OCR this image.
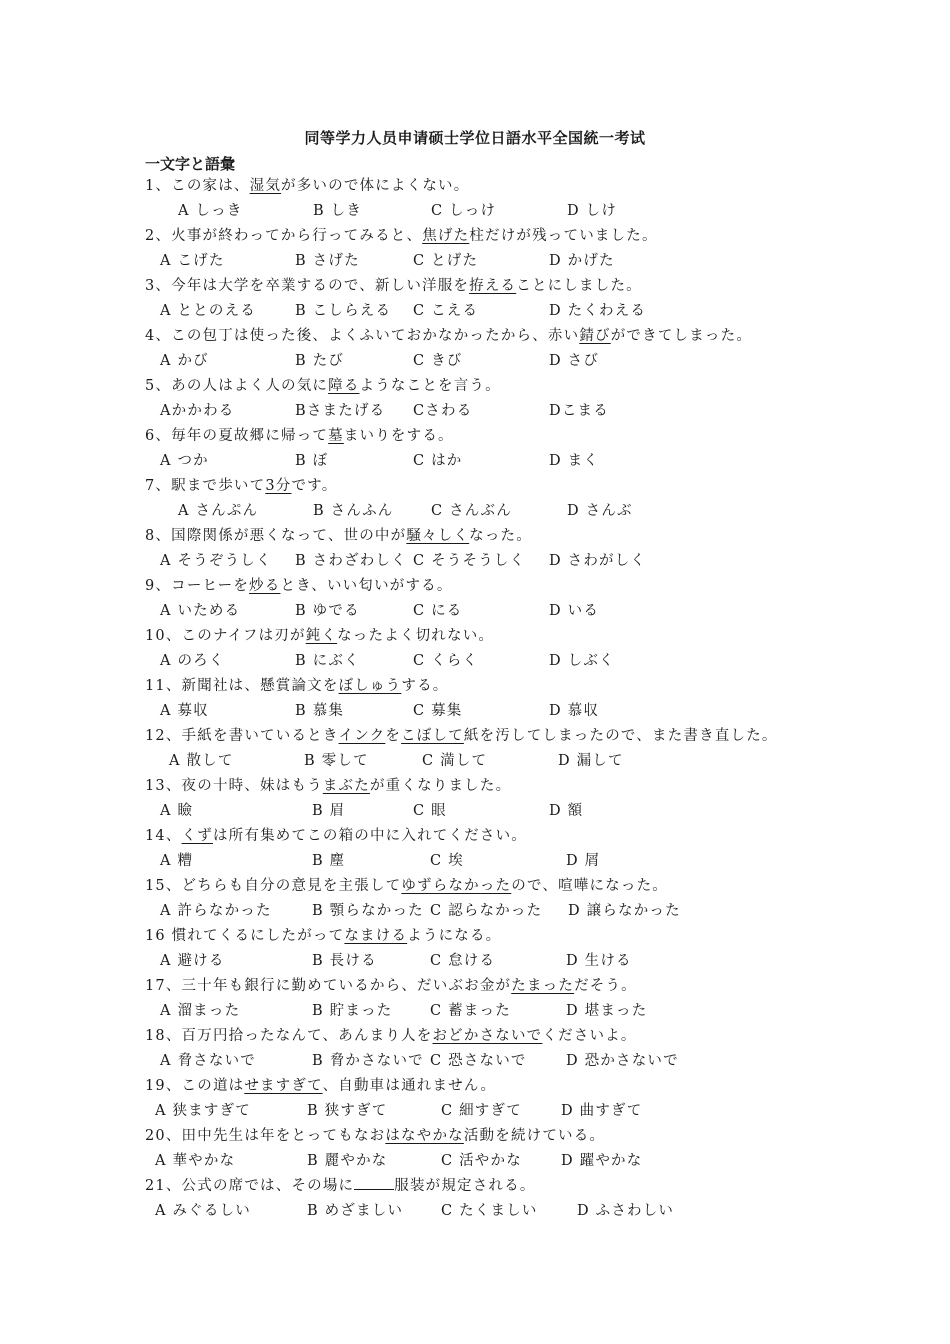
同等学力人员申请硕士学位日語水平全国統一考试
一文字と語彙
1、この家は、湿気が多いので体によくない。
A しっき	B しき	C しっけ	D しけ
2、火事が終わってから行ってみると、焦げた柱だけが残っていました。
A こげた	B さげた	C とげた	D かげた
3、今年は大学を卒業するので、新しい洋服を拵えることにしました。
A ととのえる	B こしらえる C こえる	D たくわえる
4、この包丁は使った後、よくふいておかなかったから、赤い錆びができてしまった。
A かび	B たび	C きび	D さび
5、あの人はよく人の気に障るようなことを言う。
Aかかわる	Bさまたげる Cさわる	Dこまる
6、毎年の夏故郷に帰って墓まいりをする。
A つか	B ぼ	C はか	D まく
7、駅まで歩いて3分です。
A さんぷん	B さんふん	C さんぶん	D さんぶ
8、国際関係が悪くなって、世の中が騒々しくなった。
A そうぞうしく B さわざわしく C そうそうしく D さわがしく
9、コーヒーを炒るとき、いい匂いがする。
A いためる	B ゆでる	C にる	D いる
10、このナイフは刃が鈍くなったよく切れない。
A のろく	B にぶく	C くらく	D しぶく
11、新聞社は、懸賞論文をぼしゅうする。
A 募収	B 慕集	C 募集	D 慕収
12、手紙を書いているときインクをこぼして紙を汚してしまったので、また書き直した。
A 散して	B 零して	C 満して	D 漏して
13、夜の十時、妹はもうまぶたが重くなりました。
A 瞼	B 眉	C 眼	D 額
14、くずは所有集めてこの箱の中に入れてください。
A 糟	B 塵	C 埃	D 屑
15、どちらも自分の意見を主張してゆずらなかったので、喧嘩になった。
A 許らなかった	B 顎らなかった C 認らなかった D 譲らなかった
16 慣れてくるにしたがってなまけるようになる。
A 避ける	B 長ける	C 怠ける	D 生ける
17、三十年も銀行に勤めているから、だいぶお金がたまっただそう。
A 溜まった	B 貯まった	C 蓄まった	D 堪まった
18、百万円拾ったなんて、あんまり人をおどかさないでくださいよ。
A 脅さないで	B 脅かさないで C 恐さないで	D 恐かさないで
19、この道はせますぎて、自動車は通れません。
A 狭ますぎて	B 狭すぎて	C 細すぎて	D 曲すぎて
20、田中先生は年をとってもなおはなやかな活動を続けている。
A 華やかな	B 麗やかな	C 活やかな	D 躍やかな
21、公式の席では、その場に	服装が規定される。
A みぐるしい	B めざましい	C たくましい	D ふさわしい
